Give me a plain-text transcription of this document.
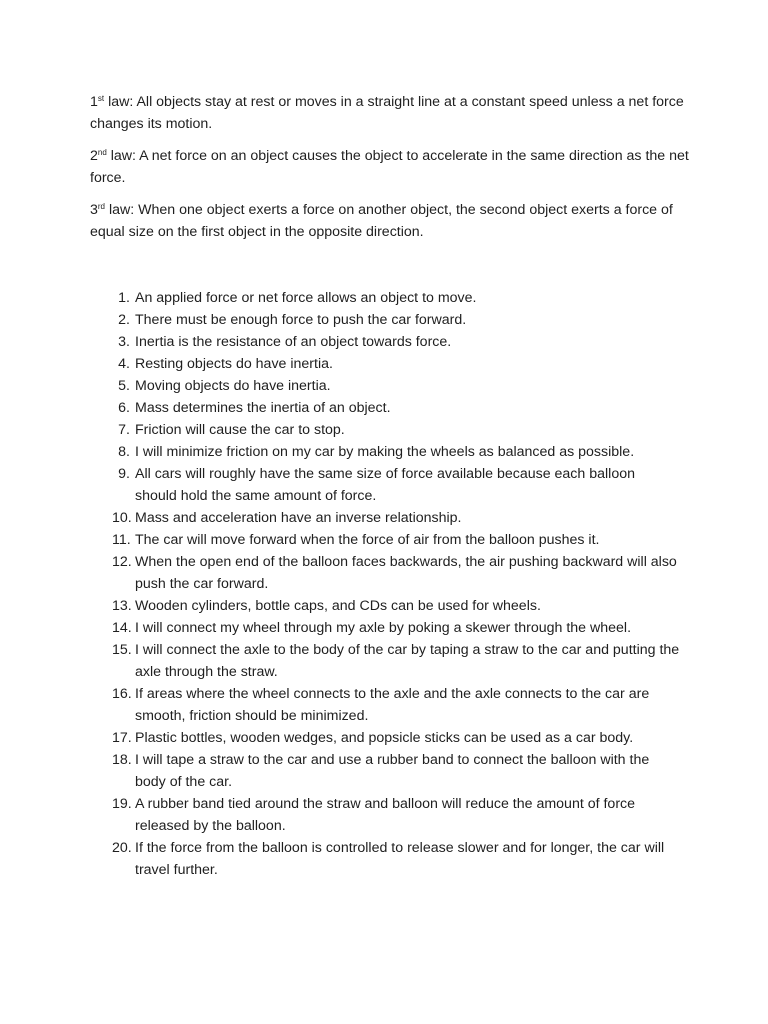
1st law: All objects stay at rest or moves in a straight line at a constant speed unless a net force changes its motion.

2nd law: A net force on an object causes the object to accelerate in the same direction as the net force.

3rd law: When one object exerts a force on another object, the second object exerts a force of equal size on the first object in the opposite direction.

1. An applied force or net force allows an object to move.
2. There must be enough force to push the car forward.
3. Inertia is the resistance of an object towards force.
4. Resting objects do have inertia.
5. Moving objects do have inertia.
6. Mass determines the inertia of an object.
7. Friction will cause the car to stop.
8. I will minimize friction on my car by making the wheels as balanced as possible.
9. All cars will roughly have the same size of force available because each balloon should hold the same amount of force.
10. Mass and acceleration have an inverse relationship.
11. The car will move forward when the force of air from the balloon pushes it.
12. When the open end of the balloon faces backwards, the air pushing backward will also push the car forward.
13. Wooden cylinders, bottle caps, and CDs can be used for wheels.
14. I will connect my wheel through my axle by poking a skewer through the wheel.
15. I will connect the axle to the body of the car by taping a straw to the car and putting the axle through the straw.
16. If areas where the wheel connects to the axle and the axle connects to the car are smooth, friction should be minimized.
17. Plastic bottles, wooden wedges, and popsicle sticks can be used as a car body.
18. I will tape a straw to the car and use a rubber band to connect the balloon with the body of the car.
19. A rubber band tied around the straw and balloon will reduce the amount of force released by the balloon.
20. If the force from the balloon is controlled to release slower and for longer, the car will travel further.
